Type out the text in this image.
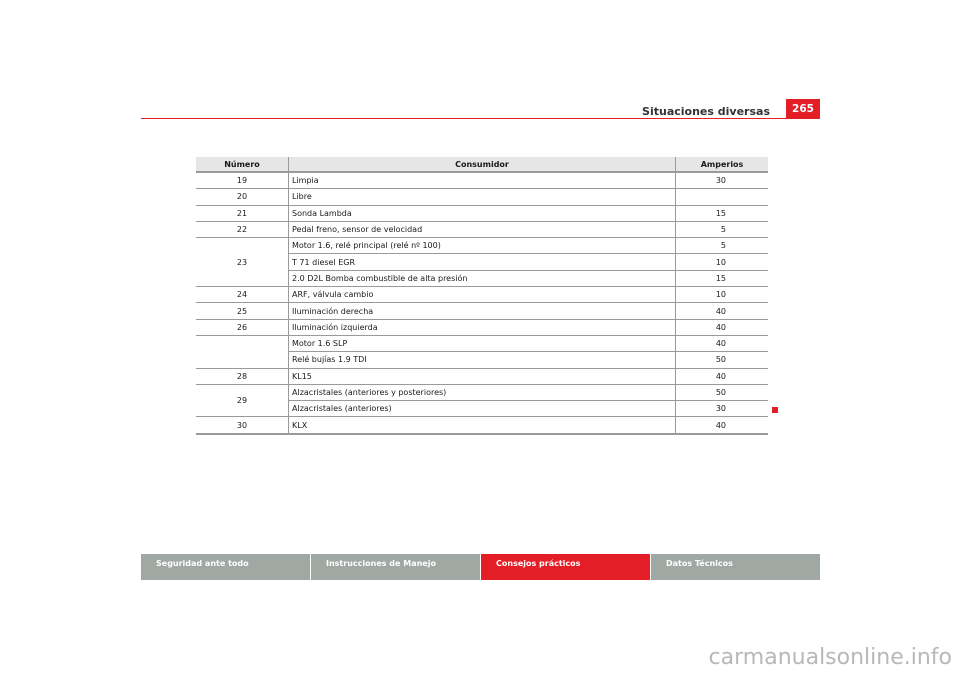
Situaciones diversas	265
Número	Consumidor	Amperios
19	Limpia	30
20	Libre	
21	Sonda Lambda	15
22	Pedal freno, sensor de velocidad	5
23	Motor 1.6, relé principal (relé nº 100)	5
	T 71 diesel EGR	10
	2.0 D2L Bomba combustible de alta presión	15
24	ARF, válvula cambio	10
25	Iluminación derecha	40
26	Iluminación izquierda	40
	Motor 1.6 SLP	40
	Relé bujías 1.9 TDI	50
28	KL15	40
29	Alzacristales (anteriores y posteriores)	50
	Alzacristales (anteriores)	30
30	KLX	40
Seguridad ante todo	Instrucciones de Manejo	Consejos prácticos	Datos Técnicos
carmanualsonline.info
